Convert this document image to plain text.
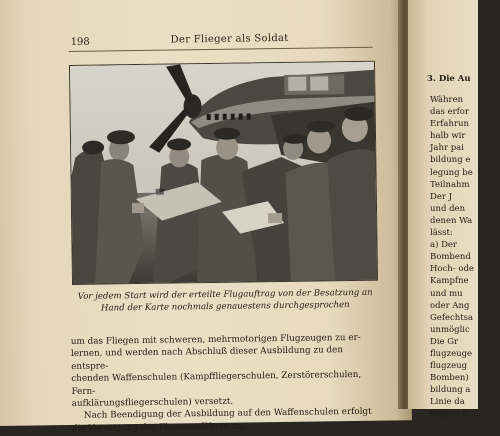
198	Der Flieger als Soldat
Vor jedem Start wird der erteilte Flugauftrag von der Besatzung an
Hand der Karte nochmals genauestens durchgesprochen

um das Fliegen mit schweren, mehrmotorigen Flugzeugen zu er-

lernen, und werden nach Abschluß dieser Ausbildung zu den entspre-

chenden Waffenschulen (Kampffliegerschulen, Zerstörerschulen, Fern-

aufklärungsfliegerschulen) versetzt.

Nach Beendigung der Ausbildung auf den Waffenschulen erfolgt

die Versetzung der Flugzeugführer zu...

3. Die Au
Währen
das erfor
Erfahrun
halb wir
Jahr pai
bildung e
legung be
Teilnahm
Der J
und den
denen Wa
lässt:
a) Der
Bombend
Hoch- ode
Kampfne
und mu
oder Ang
Gefechtsa
unmöglic
Die Gr
flugzeuge
flugzeug
Bomben)
bildung a
Linie da
jungen F
